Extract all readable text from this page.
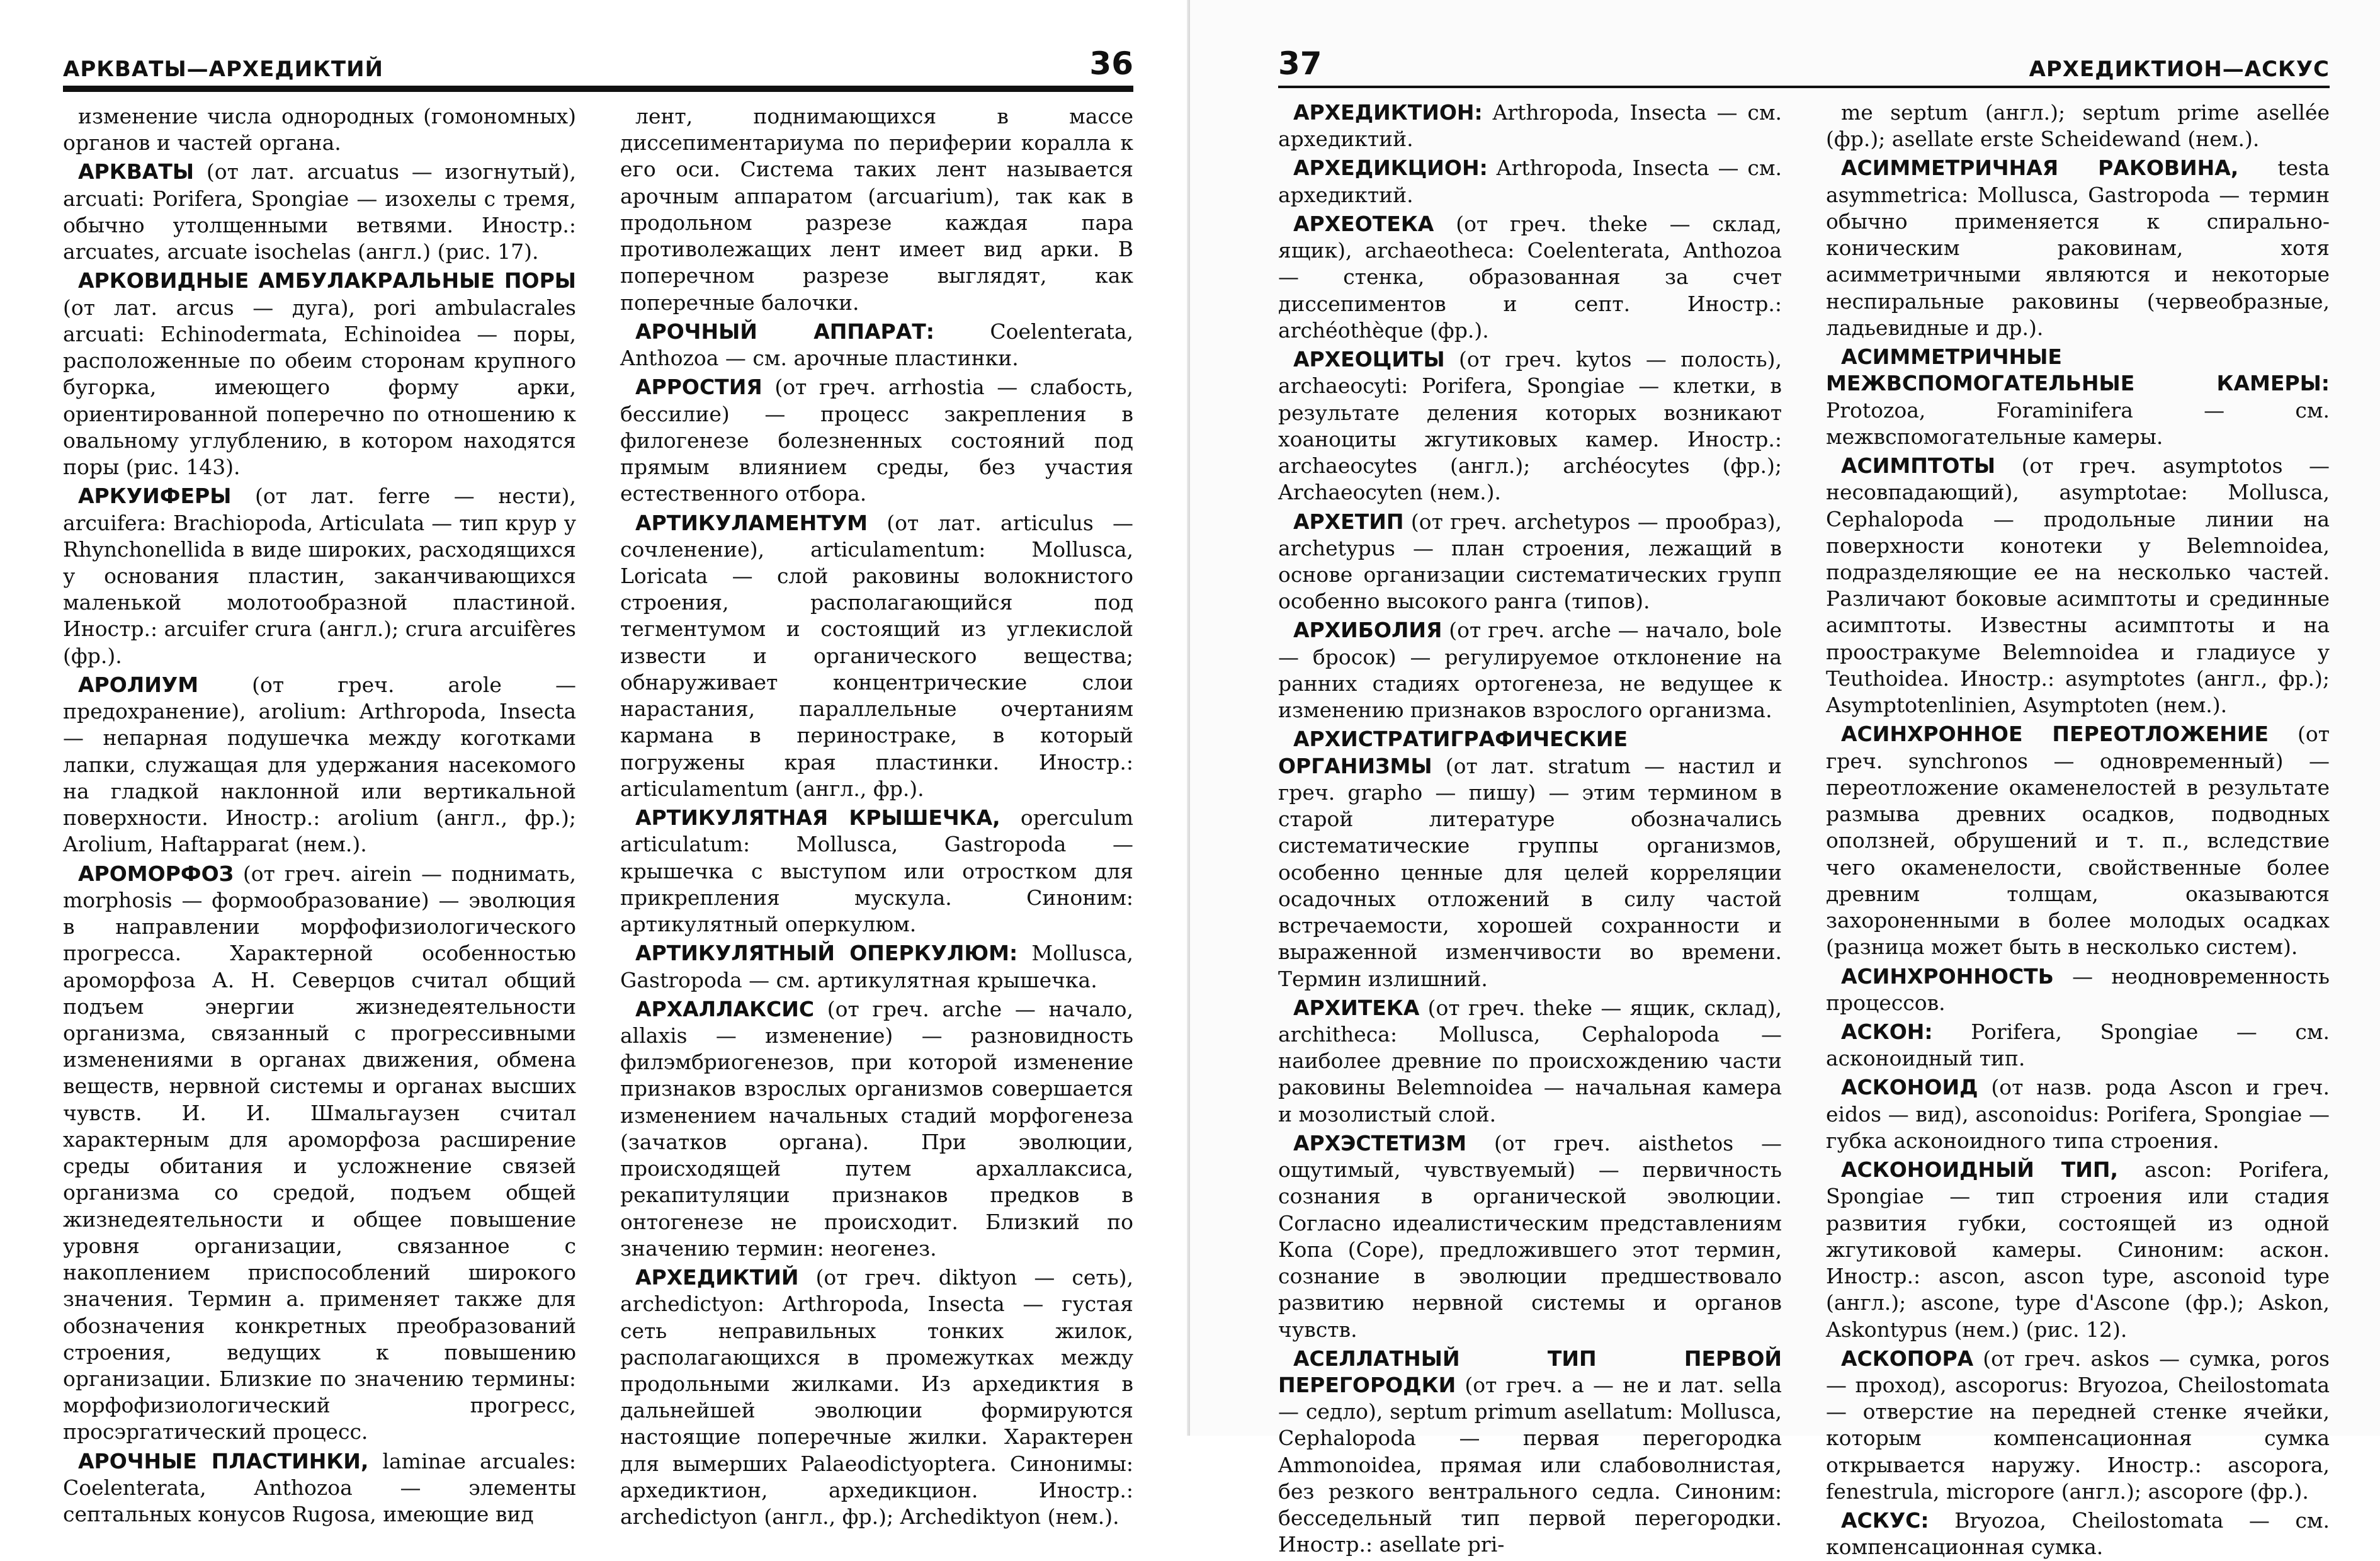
АРКВАТЫ—АРХЕДИКТИЙ	36

изменение числа однородных (гомономных) органов и частей органа.

АРКВАТЫ (от лат. arcuatus — изогнутый), arcuati: Porifera, Spongiae — изохелы с тремя, обычно утолщенными ветвями. Иностр.: arcuates, arcuate isochelas (англ.) (рис. 17).

АРКОВИДНЫЕ АМБУЛАКРАЛЬНЫЕ ПОРЫ (от лат. arcus — дуга), pori ambulacrales arcuati: Echinodermata, Echinoidea — поры, расположенные по обеим сторонам крупного бугорка, имеющего форму арки, ориентированной поперечно по отношению к овальному углублению, в котором находятся поры (рис. 143).

АРКУИФЕРЫ (от лат. ferre — нести), arcuifera: Brachiopoda, Articulata — тип круp у Rhynchonellida в виде широких, расходящихся у основания пластин, заканчивающихся маленькой молотообразной пластиной. Иностр.: arcuifer crura (англ.); crura arcuifères (фр.).

АРОЛИУМ	(от греч. arole — предохранение), arolium: Arthropoda, Insecta — непарная подушечка между коготками лапки, служащая для удержания насекомого на гладкой наклонной или вертикальной поверхности. Иностр.: arolium (англ., фр.); Arolium, Haftapparat (нем.).

АРОМОРФОЗ (от греч. airein — поднимать, morphosis — формообразование) — эволюция в направлении морфофизиологического прогресса. Характерной особенностью ароморфоза А. Н. Северцов считал общий подъем энергии жизнедеятельности организма, связанный с прогрессивными изменениями в органах движения, обмена веществ, нервной системы и органах высших чувств. И. И. Шмальгаузен считал характерным для ароморфоза расширение среды обитания и усложнение связей организма со средой, подъем общей жизнедеятельности и общее повышение уровня организации, связанное с накоплением приспособлений широкого значения. Термин а. применяет также для обозначения конкретных преобразований строения, ведущих к повышению организации. Близкие по значению термины: морфофизиологический прогресс, просэргатический процесс.

АРОЧНЫЕ ПЛАСТИНКИ, laminae arcuales: Coelenterata, Anthozoa — элементы септальных конусов Rugosa, имеющие вид

лент, поднимающихся в массе диссепиментариума по периферии коралла к его оси. Система таких лент называется арочным аппаратом (arcuarium), так как в продольном разрезе каждая пара противолежащих лент имеет вид арки. В поперечном разрезе выглядят, как поперечные балочки.

АРОЧНЫЙ АППАРАТ:	Coelenterata, Anthozoa — см. арочные пластинки.

АРРОСТИЯ (от греч. arrhostia — слабость, бессилие) — процесс закрепления в филогенезе болезненных состояний под прямым влиянием среды, без участия естественного отбора.

АРТИКУЛАМЕНТУМ (от лат. articulus — сочленение), articulamentum: Mollusca, Loricata — слой раковины волокнистого строения, располагающийся под тегментумом и состоящий из углекислой извести и органического вещества; обнаруживает концентрические слои нарастания, параллельные очертаниям кармана в периностраке, в который погружены края пластинки. Иностр.: articulamentum (англ., фр.).

АРТИКУЛЯТНАЯ КРЫШЕЧКА, operculum articulatum: Mollusca, Gastropoda — крышечка с выступом или отростком для прикрепления мускула. Синоним: артикулятный оперкулюм.

АРТИКУЛЯТНЫЙ ОПЕРКУЛЮМ: Mollusca, Gastropoda — см. артикулятная крышечка.

АРХАЛЛАКСИС (от греч. arche — начало, allaxis — изменение) — разновидность филэмбриогенезов, при которой изменение признаков взрослых организмов совершается изменением начальных стадий морфогенеза (зачатков органа). При эволюции, происходящей путем архаллаксиса, рекапитуляции признаков предков в онтогенезе не происходит. Близкий по значению термин: неогенез.

АРХЕДИКТИЙ (от греч. diktyon — сеть), archedictyon: Arthropoda, Insecta — густая сеть неправильных тонких жилок, располагающихся в промежутках между продольными жилками. Из архедиктия в дальнейшей эволюции формируются настоящие поперечные жилки. Характерен для вымерших Palaeodictyoptera. Синонимы: архедиктион, архедикцион. Иностр.: archedictyon (англ., фр.); Archediktyon (нем.).

37	АРХЕДИКТИОН—АСКУС

АРХЕДИКТИОН: Arthropoda, Insecta — см. архедиктий.

АРХЕДИКЦИОН: Arthropoda, Insecta — см. архедиктий.

АРХЕОТЕКА (от греч. theke — склад, ящик), archaeotheca: Coelenterata, Anthozoa — стенка, образованная за счет диссепиментов и септ. Иностр.: archéothèque (фр.).

АРХЕОЦИТЫ (от греч. kytos — полость), archaeocyti: Porifera, Spongiae — клетки, в результате деления которых возникают хоаноциты жгутиковых камер. Иностр.: archaeocytes (англ.); archéocytes (фр.); Archaeocyten (нем.).

АРХЕТИП (от греч. archetypos — прообраз), archetypus — план строения, лежащий в основе организации систематических групп особенно высокого ранга (типов).

АРХИБОЛИЯ (от греч. arche — начало, bole — бросок) — регулируемое отклонение на ранних стадиях ортогенеза, не ведущее к изменению признаков взрослого организма.

АРХИСТРАТИГРАФИЧЕСКИЕ ОРГАНИЗМЫ (от лат. stratum — настил и греч. grapho — пишу) — этим термином в старой литературе обозначались систематические группы организмов, особенно ценные для целей корреляции осадочных отложений в силу частой встречаемости, хорошей сохранности и выраженной изменчивости во времени. Термин излишний.

АРХИТЕКА (от греч. theke — ящик, склад), architheca: Mollusca, Cephalopoda — наиболее древние по происхождению части раковины Belemnoidea — начальная камера и мозолистый слой.

АРХЭСТЕТИЗМ (от греч. aisthetos — ощутимый, чувствуемый) — первичность сознания в органической эволюции. Согласно идеалистическим представлениям Копа (Cope), предложившего этот термин, сознание в эволюции предшествовало развитию нервной системы и органов чувств.

АСЕЛЛАТНЫЙ ТИП ПЕРВОЙ ПЕРЕГОРОДКИ (от греч. a — не и лат. sella — седло), septum primum asellatum: Mollusca, Cephalopoda — первая перегородка Ammonoidea, прямая или слабоволнистая, без резкого вентрального седла. Синоним: бесседельный тип первой перегородки. Иностр.: asellate pri-

me septum (англ.); septum prime asellée (фр.); asellate erste Scheidewand (нем.).

АСИММЕТРИЧНАЯ РАКОВИНА, testa asymmetrica: Mollusca, Gastropoda — термин обычно применяется к спирально-коническим раковинам, хотя асимметричными являются и некоторые неспиральные раковины (червеобразные, ладьевидные и др.).

АСИММЕТРИЧНЫЕ МЕЖВСПОМОГАТЕЛЬНЫЕ КАМЕРЫ: Protozoa, Foraminifera — см. межвспомогательные камеры.

АСИМПТОТЫ (от греч. asymptotos — несовпадающий), asymptotae: Mollusca, Cephalopoda — продольные линии на поверхности конотеки у Belemnoidea, подразделяющие ее на несколько частей. Различают боковые асимптоты и срединные асимптоты. Известны асимптоты и на проостракуме Belemnoidea и гладиусе у Teuthoidea. Иностр.: asymptotes (англ., фр.); Asymptotenlinien, Asymptoten (нем.).

АСИНХРОННОЕ ПЕРЕОТЛОЖЕНИЕ (от греч. synchronos — одновременный) — переотложение окаменелостей в результате размыва древних осадков, подводных оползней, обрушений и т. п., вследствие чего окаменелости, свойственные более древним толщам, оказываются захороненными в более молодых осадках (разница может быть в несколько систем).

АСИНХРОННОСТЬ — неодновременность процессов.

АСКОН: Porifera, Spongiae — см. асконоидный тип.

АСКОНОИД (от назв. рода Ascon и греч. eidos — вид), asconoidus: Porifera, Spongiae — губка асконоидного типа строения.

АСКОНОИДНЫЙ ТИП, ascon: Porifera, Spongiae — тип строения или стадия развития губки, состоящей из одной жгутиковой камеры. Синоним: аскон. Иностр.: ascon, ascon type, asconoid type (англ.); ascone, type d'Ascone (фр.); Askon, Askontypus (нем.) (рис. 12).

АСКОПОРА (от греч. askos — сумка, poros — проход), ascoporus: Bryozoa, Cheilostomata — отверстие на передней стенке ячейки, которым компенсационная сумка открывается наружу. Иностр.: ascopora, fenestrula, micropore (англ.); ascopore (фр.).

АСКУС: Bryozoa, Cheilostomata — см. компенсационная сумка.
